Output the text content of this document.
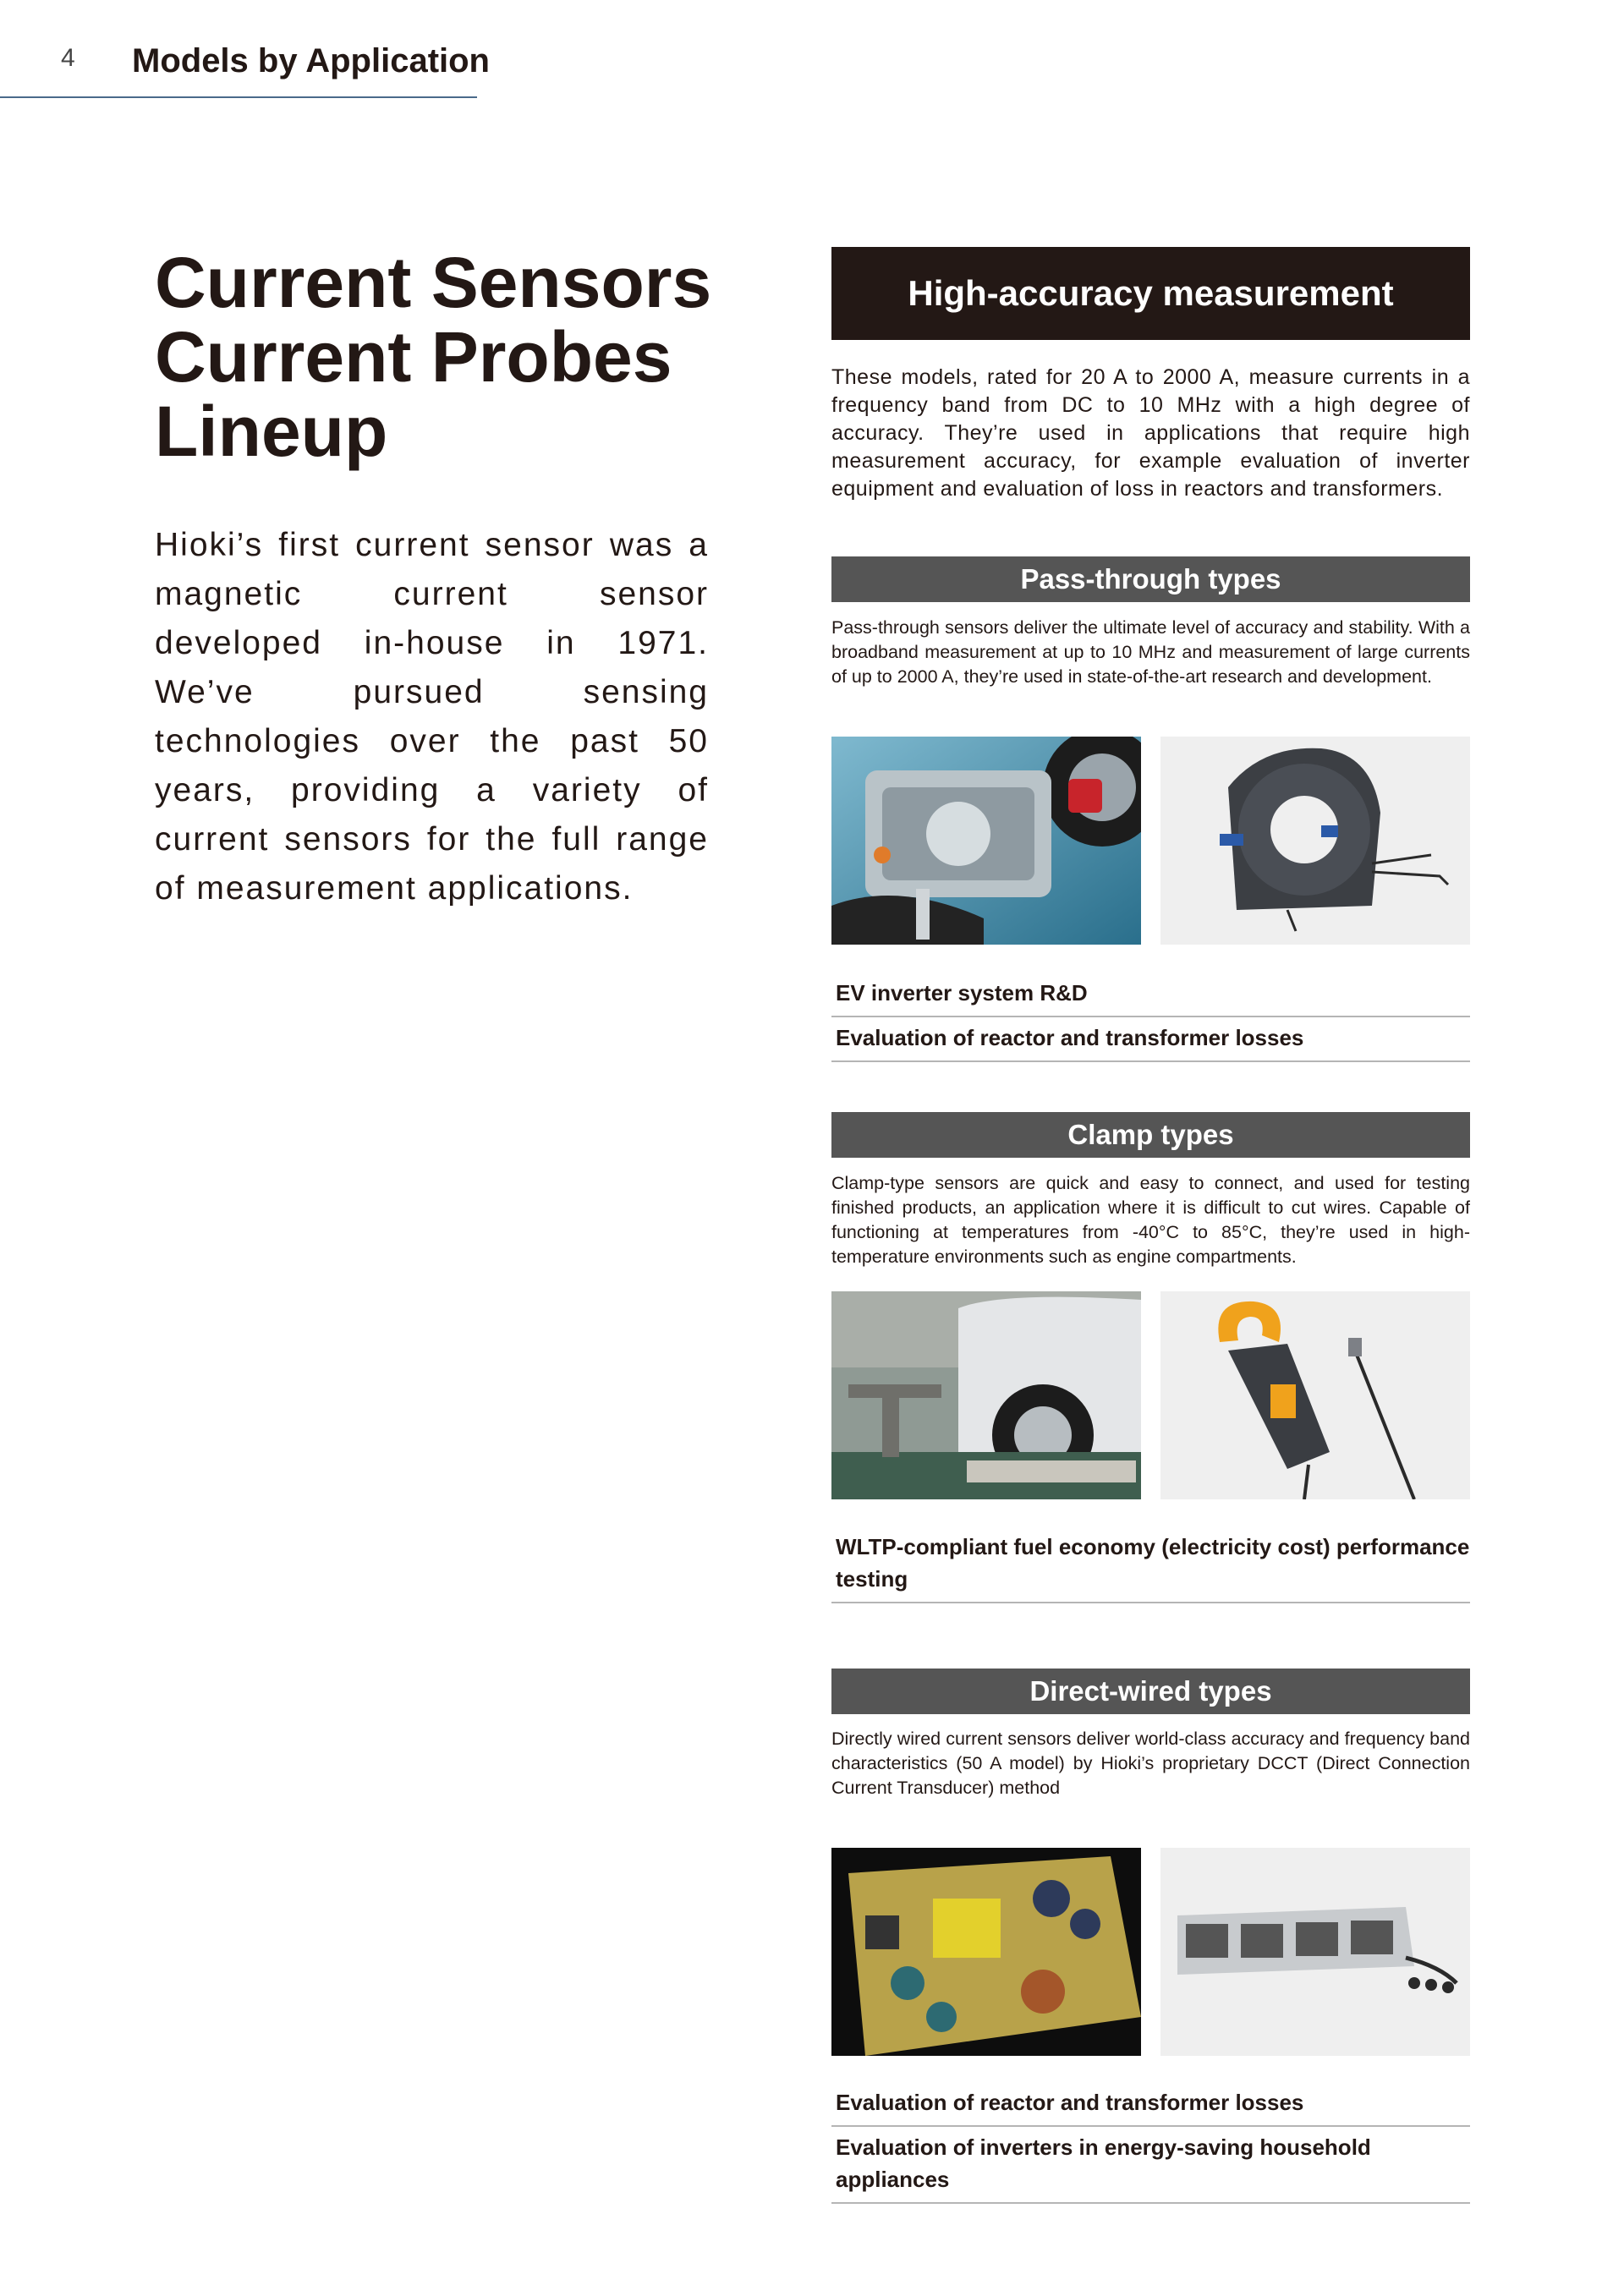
4 Models by Application
Current Sensors
Current Probes
Lineup
Hioki’s first current sensor was a magnetic current sensor developed in-house in 1971. We’ve pursued sensing technologies over the past 50 years, providing a variety of current sensors for the full range of measurement applications.
High-accuracy measurement
These models, rated for 20 A to 2000 A, measure currents in a frequency band from DC to 10 MHz with a high degree of accuracy. They’re used in applications that require high measurement accuracy, for example evaluation of inverter equipment and evaluation of loss in reactors and transformers.
Pass-through types
Pass-through sensors deliver the ultimate level of accuracy and stability. With a broadband measurement at up to 10 MHz and measurement of large currents of up to 2000 A, they’re used in state-of-the-art research and development.
EV inverter system R&D
Evaluation of reactor and transformer losses
Clamp types
Clamp-type sensors are quick and easy to connect, and used for testing finished products, an application where it is difficult to cut wires. Capable of functioning at temperatures from -40°C to 85°C, they’re used in high-temperature environments such as engine compartments.
WLTP-compliant fuel economy (electricity cost) performance testing
Direct-wired types
Directly wired current sensors deliver world-class accuracy and frequency band characteristics (50 A model) by Hioki’s proprietary DCCT (Direct Connection Current Transducer) method
Evaluation of reactor and transformer losses
Evaluation of inverters in energy-saving household appliances
